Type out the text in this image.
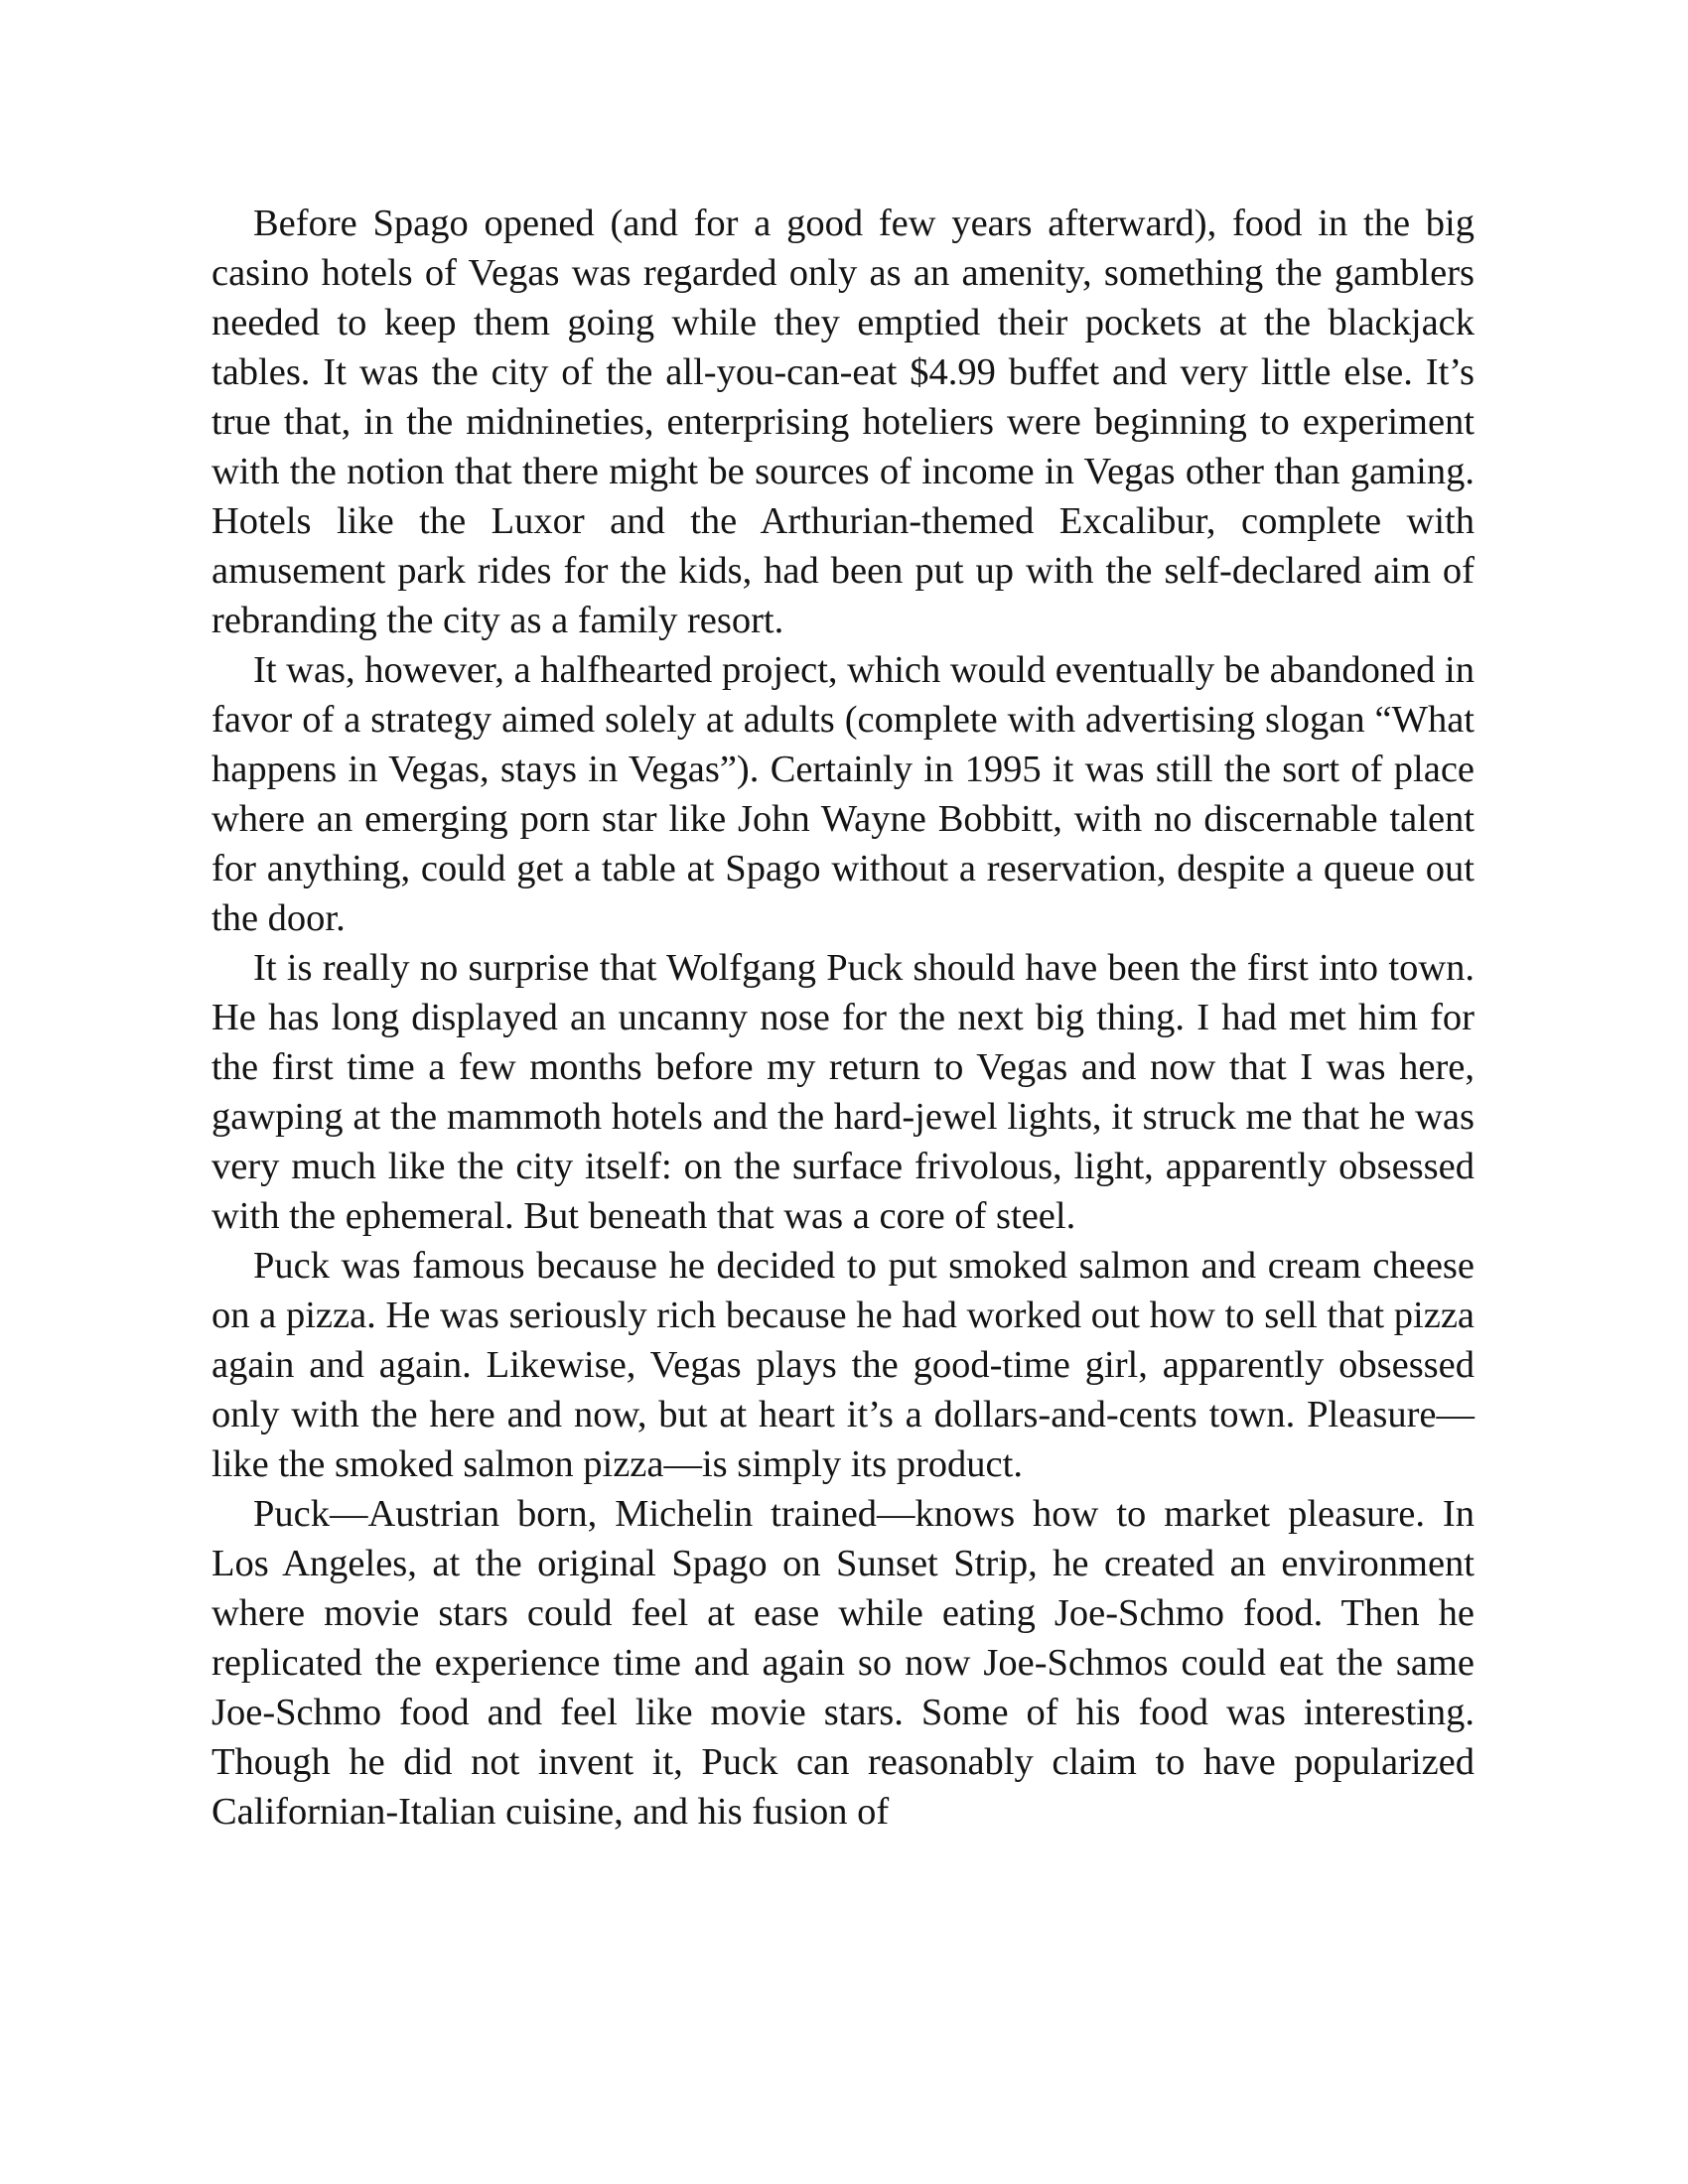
Before Spago opened (and for a good few years afterward), food in the big casino hotels of Vegas was regarded only as an amenity, something the gamblers needed to keep them going while they emptied their pockets at the blackjack tables. It was the city of the all-you-can-eat $4.99 buffet and very little else. It’s true that, in the midnineties, enterprising hoteliers were beginning to experiment with the notion that there might be sources of income in Vegas other than gaming. Hotels like the Luxor and the Arthurian-themed Excalibur, complete with amusement park rides for the kids, had been put up with the self-declared aim of rebranding the city as a family resort.

It was, however, a halfhearted project, which would eventually be abandoned in favor of a strategy aimed solely at adults (complete with advertising slogan “What happens in Vegas, stays in Vegas”). Certainly in 1995 it was still the sort of place where an emerging porn star like John Wayne Bobbitt, with no discernable talent for anything, could get a table at Spago without a reservation, despite a queue out the door.

It is really no surprise that Wolfgang Puck should have been the first into town. He has long displayed an uncanny nose for the next big thing. I had met him for the first time a few months before my return to Vegas and now that I was here, gawping at the mammoth hotels and the hard-jewel lights, it struck me that he was very much like the city itself: on the surface frivolous, light, apparently obsessed with the ephemeral. But beneath that was a core of steel.

Puck was famous because he decided to put smoked salmon and cream cheese on a pizza. He was seriously rich because he had worked out how to sell that pizza again and again. Likewise, Vegas plays the good-time girl, apparently obsessed only with the here and now, but at heart it’s a dollars-and-cents town. Pleasure—like the smoked salmon pizza—is simply its product.

Puck—Austrian born, Michelin trained—knows how to market pleasure. In Los Angeles, at the original Spago on Sunset Strip, he created an environment where movie stars could feel at ease while eating Joe-Schmo food. Then he replicated the experience time and again so now Joe-Schmos could eat the same Joe-Schmo food and feel like movie stars. Some of his food was interesting. Though he did not invent it, Puck can reasonably claim to have popularized Californian-Italian cuisine, and his fusion of
